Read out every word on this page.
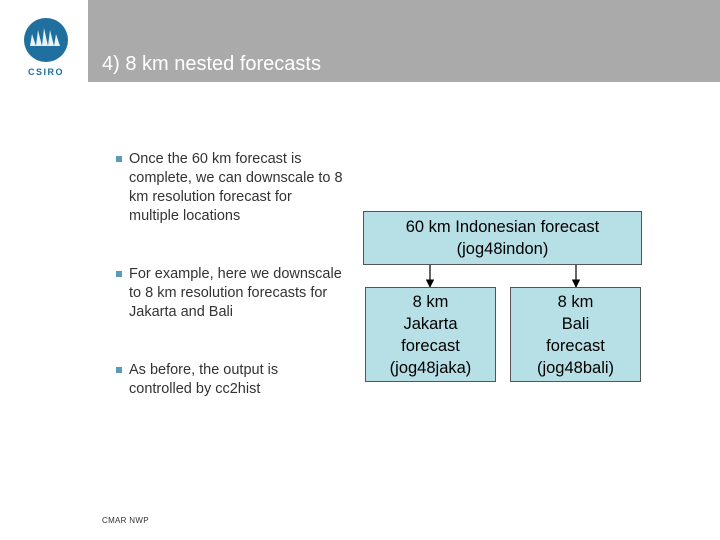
CSIRO 4) 8 km nested forecasts
Once the 60 km forecast is complete, we can downscale to 8 km resolution forecast for multiple locations
For example, here we downscale to 8 km resolution forecasts for Jakarta and Bali
As before, the output is controlled by cc2hist
60 km Indonesian forecast
(jog48indon)
8 km
Jakarta
forecast
(jog48jaka)
8 km
Bali
forecast
(jog48bali)
CMAR NWP
